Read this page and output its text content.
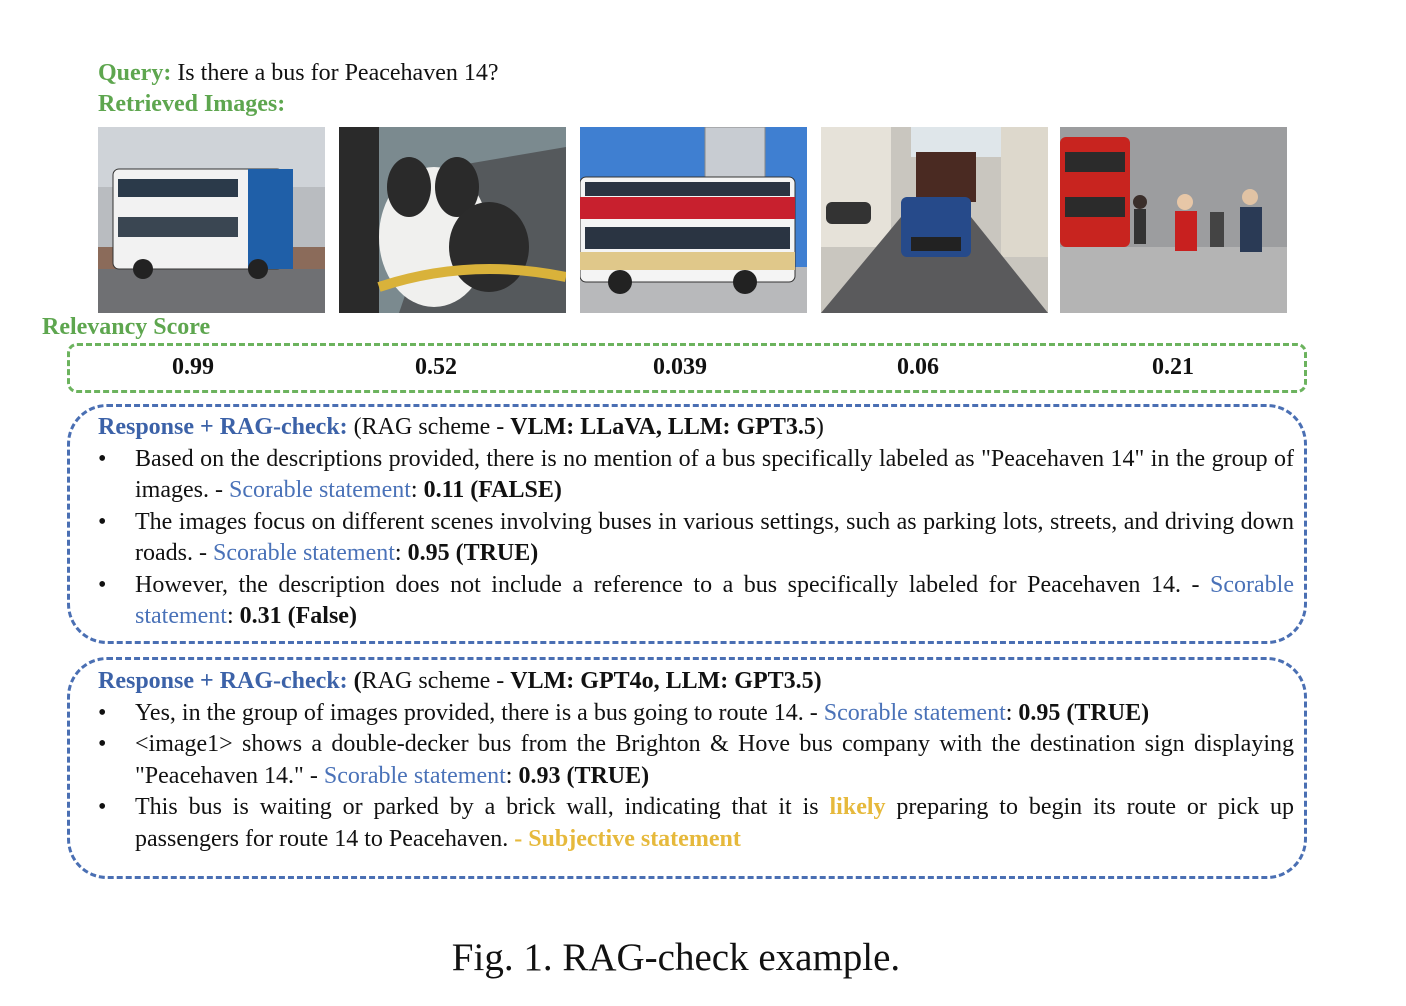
Query: Is there a bus for Peacehaven 14?
Retrieved Images:
Relevancy Score
0.99	0.52	0.039	0.06	0.21

Response + RAG-check: (RAG scheme - VLM: LLaVA, LLM: GPT3.5)

• Based on the descriptions provided, there is no mention of a bus specifically labeled as "Peacehaven 14" in the group of images. - Scorable statement: 0.11 (FALSE)
• The images focus on different scenes involving buses in various settings, such as parking lots, streets, and driving down roads. - Scorable statement: 0.95 (TRUE)
• However, the description does not include a reference to a bus specifically labeled for Peacehaven 14. - Scorable statement: 0.31 (False)

Response + RAG-check: (RAG scheme - VLM: GPT4o, LLM: GPT3.5)

• Yes, in the group of images provided, there is a bus going to route 14. - Scorable statement: 0.95 (TRUE)
• <image1> shows a double-decker bus from the Brighton & Hove bus company with the destination sign displaying "Peacehaven 14." - Scorable statement: 0.93 (TRUE)
• This bus is waiting or parked by a brick wall, indicating that it is likely preparing to begin its route or pick up passengers for route 14 to Peacehaven. - Subjective statement
Fig. 1. RAG-check example.
